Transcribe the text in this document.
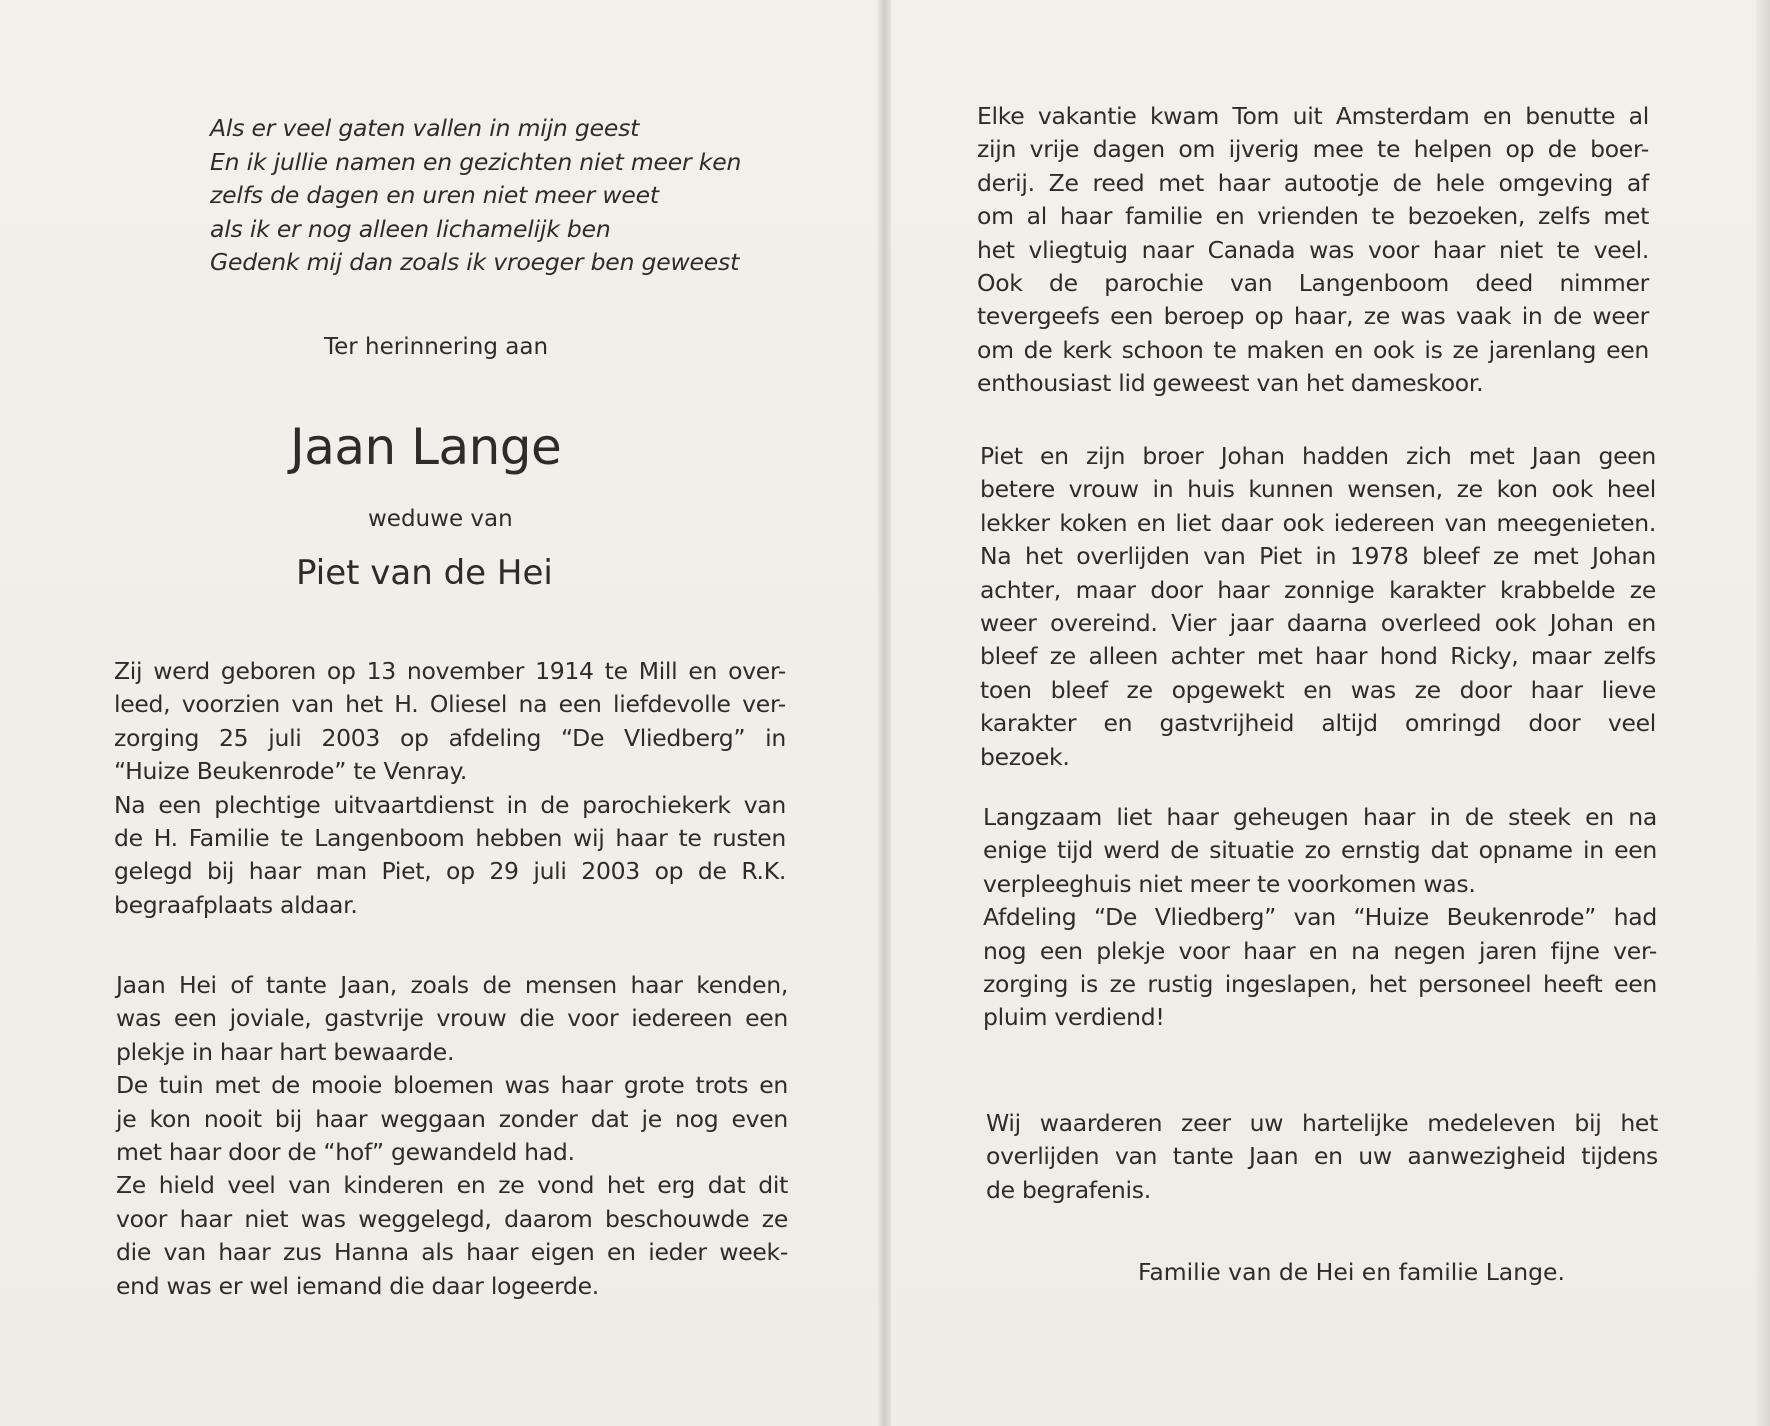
Als er veel gaten vallen in mijn geest
En ik jullie namen en gezichten niet meer ken
zelfs de dagen en uren niet meer weet
als ik er nog alleen lichamelijk ben
Gedenk mij dan zoals ik vroeger ben geweest
Ter herinnering aan
Jaan Lange
weduwe van
Piet van de Hei
Zij werd geboren op 13 november 1914 te Mill en over-
leed, voorzien van het H. Oliesel na een liefdevolle ver-
zorging 25 juli 2003 op afdeling “De Vliedberg” in
“Huize Beukenrode” te Venray.
Na een plechtige uitvaartdienst in de parochiekerk van
de H. Familie te Langenboom hebben wij haar te rusten
gelegd bij haar man Piet, op 29 juli 2003 op de R.K.
begraafplaats aldaar.
Jaan Hei of tante Jaan, zoals de mensen haar kenden,
was een joviale, gastvrije vrouw die voor iedereen een
plekje in haar hart bewaarde.
De tuin met de mooie bloemen was haar grote trots en
je kon nooit bij haar weggaan zonder dat je nog even
met haar door de “hof” gewandeld had.
Ze hield veel van kinderen en ze vond het erg dat dit
voor haar niet was weggelegd, daarom beschouwde ze
die van haar zus Hanna als haar eigen en ieder week-
end was er wel iemand die daar logeerde.
Elke vakantie kwam Tom uit Amsterdam en benutte al
zijn vrije dagen om ijverig mee te helpen op de boer-
derij. Ze reed met haar autootje de hele omgeving af
om al haar familie en vrienden te bezoeken, zelfs met
het vliegtuig naar Canada was voor haar niet te veel.
Ook de parochie van Langenboom deed nimmer
tevergeefs een beroep op haar, ze was vaak in de weer
om de kerk schoon te maken en ook is ze jarenlang een
enthousiast lid geweest van het dameskoor.
Piet en zijn broer Johan hadden zich met Jaan geen
betere vrouw in huis kunnen wensen, ze kon ook heel
lekker koken en liet daar ook iedereen van meegenieten.
Na het overlijden van Piet in 1978 bleef ze met Johan
achter, maar door haar zonnige karakter krabbelde ze
weer overeind. Vier jaar daarna overleed ook Johan en
bleef ze alleen achter met haar hond Ricky, maar zelfs
toen bleef ze opgewekt en was ze door haar lieve
karakter en gastvrijheid altijd omringd door veel
bezoek.
Langzaam liet haar geheugen haar in de steek en na
enige tijd werd de situatie zo ernstig dat opname in een
verpleeghuis niet meer te voorkomen was.
Afdeling “De Vliedberg” van “Huize Beukenrode” had
nog een plekje voor haar en na negen jaren fijne ver-
zorging is ze rustig ingeslapen, het personeel heeft een
pluim verdiend!
Wij waarderen zeer uw hartelijke medeleven bij het
overlijden van tante Jaan en uw aanwezigheid tijdens
de begrafenis.
Familie van de Hei en familie Lange.
